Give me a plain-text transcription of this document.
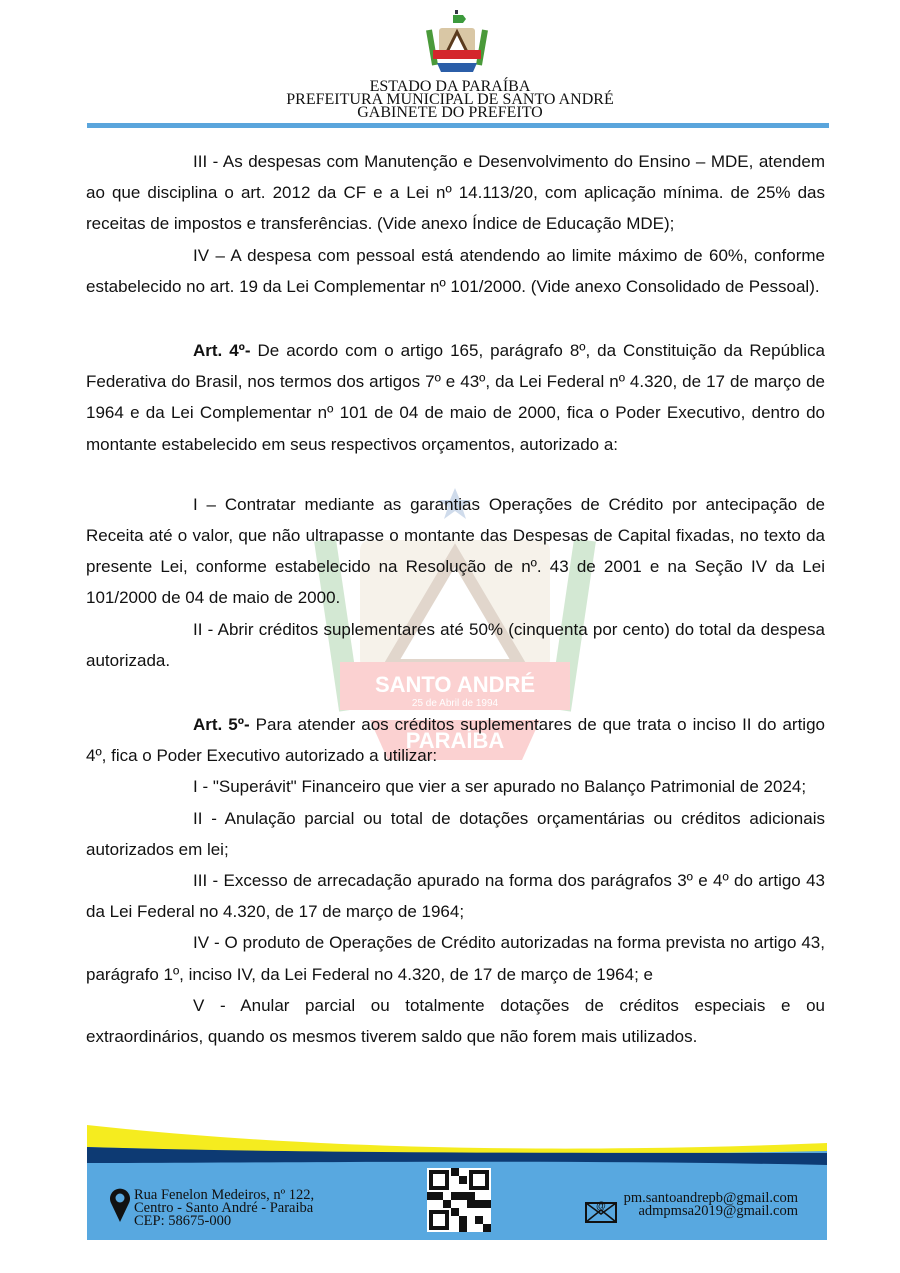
ESTADO DA PARAÍBA
PREFEITURA MUNICIPAL DE SANTO ANDRÉ
GABINETE DO PREFEITO
SANTO ANDRÉ
25 de Abril de 1994
PARAÍBA

III - As despesas com Manutenção e Desenvolvimento do Ensino – MDE, atendem ao que disciplina o art. 2012 da CF e a Lei nº 14.113/20, com aplicação mínima. de 25% das receitas de impostos e transferências. (Vide anexo Índice de Educação MDE);

IV – A despesa com pessoal está atendendo ao limite máximo de 60%, conforme estabelecido no art. 19 da Lei Complementar nº 101/2000. (Vide anexo Consolidado de Pessoal).

Art. 4º- De acordo com o artigo 165, parágrafo 8º, da Constituição da República Federativa do Brasil, nos termos dos artigos 7º e 43º, da Lei Federal nº 4.320, de 17 de março de 1964 e da Lei Complementar nº 101 de 04 de maio de 2000, fica o Poder Executivo, dentro do montante estabelecido em seus respectivos orçamentos, autorizado a:

I – Contratar mediante as garantias Operações de Crédito por antecipação de Receita até o valor, que não ultrapasse o montante das Despesas de Capital fixadas, no texto da presente Lei, conforme estabelecido na Resolução de nº. 43 de 2001 e na Seção IV da Lei 101/2000 de 04 de maio de 2000.

II - Abrir créditos suplementares até 50% (cinquenta por cento) do total da despesa autorizada.

Art. 5º- Para atender aos créditos suplementares de que trata o inciso II do artigo 4º, fica o Poder Executivo autorizado a utilizar:

I - "Superávit" Financeiro que vier a ser apurado no Balanço Patrimonial de 2024;

II - Anulação parcial ou total de dotações orçamentárias ou créditos adicionais autorizados em lei;

III - Excesso de arrecadação apurado na forma dos parágrafos 3º e 4º do artigo 43 da Lei Federal no 4.320, de 17 de março de 1964;

IV - O produto de Operações de Crédito autorizadas na forma prevista no artigo 43, parágrafo 1º, inciso IV, da Lei Federal no 4.320, de 17 de março de 1964; e

V - Anular parcial ou totalmente dotações de créditos especiais e ou extraordinários, quando os mesmos tiverem saldo que não forem mais utilizados.

Rua Fenelon Medeiros, nº 122,
Centro - Santo André - Paraiba
CEP: 58675-000
@
pm.santoandrepb@gmail.com
admpmsa2019@gmail.com
